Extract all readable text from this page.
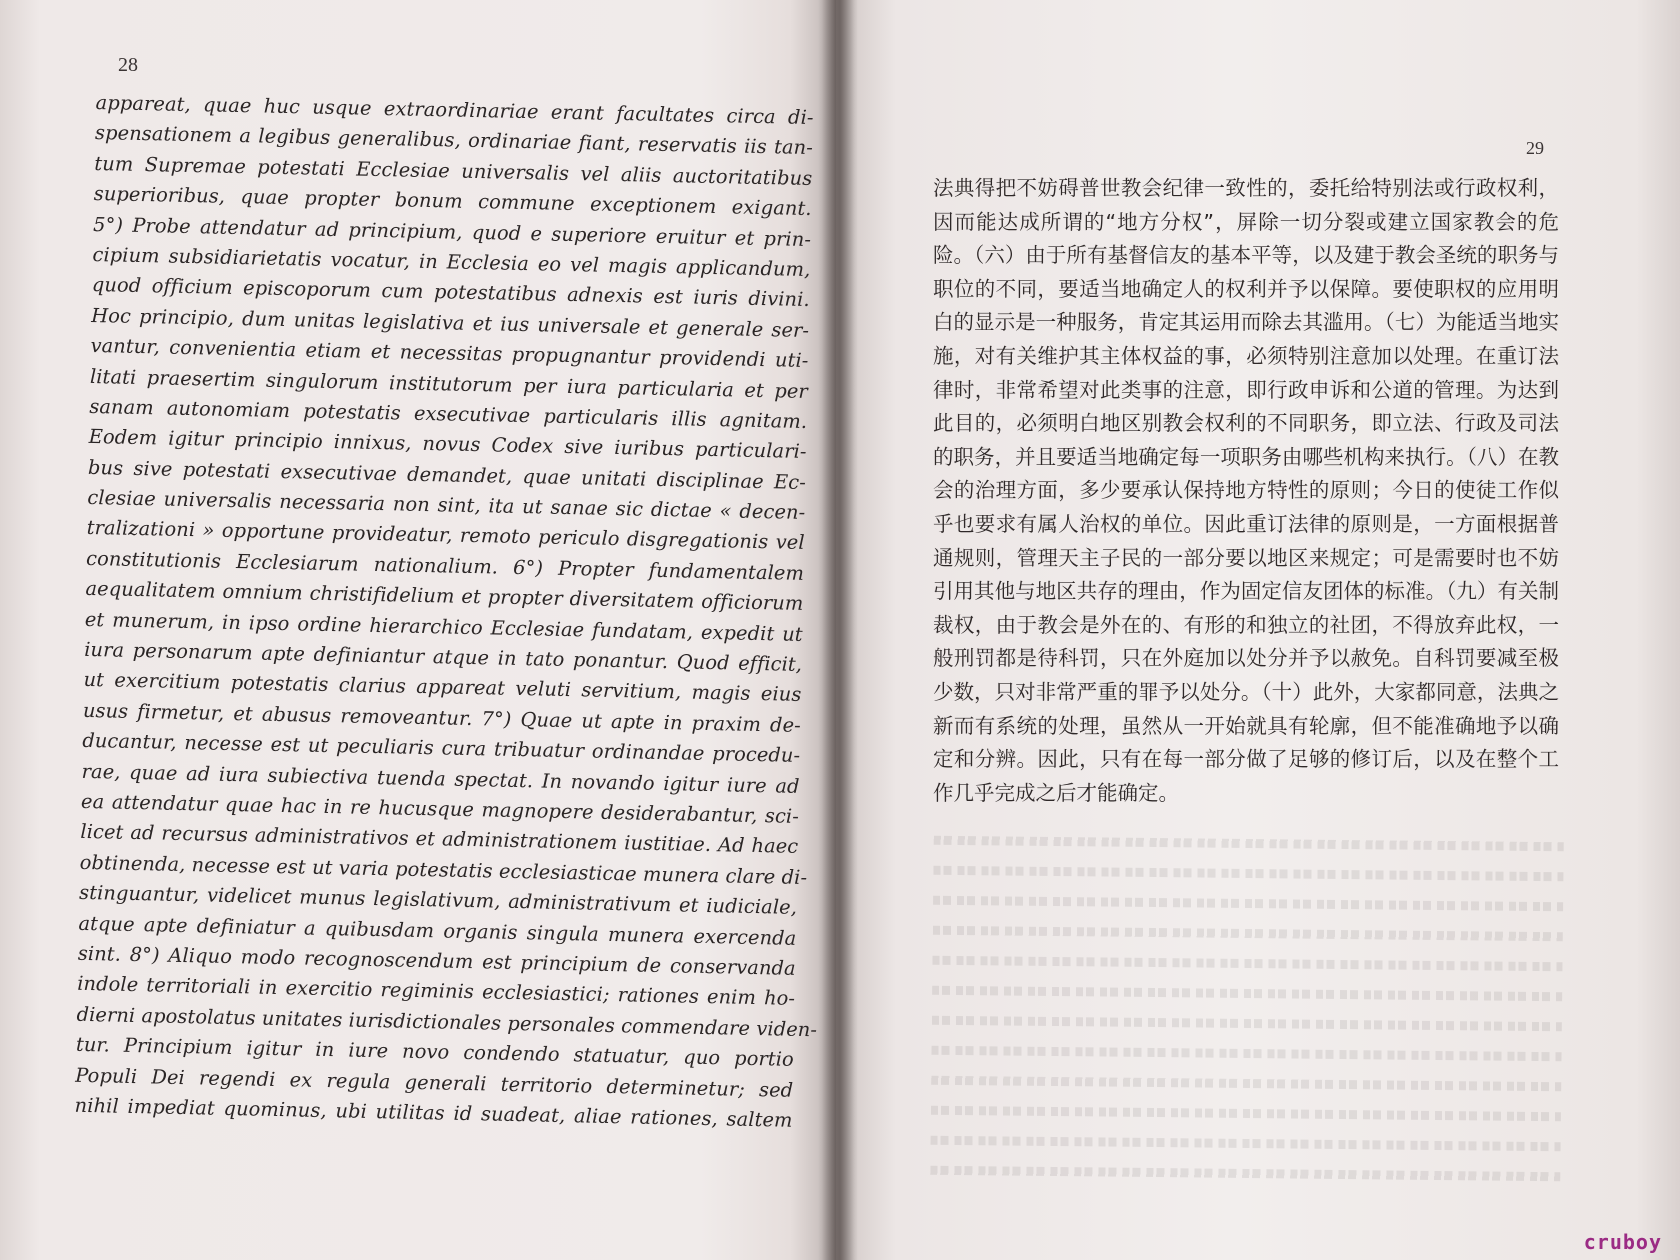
28
appareat, quae huc usque extraordinariae erant facultates circa di-
spensationem a legibus generalibus, ordinariae fiant, reservatis iis tan-
tum Supremae potestati Ecclesiae universalis vel aliis auctoritatibus
superioribus, quae propter bonum commune exceptionem exigant.
5°) Probe attendatur ad principium, quod e superiore eruitur et prin-
cipium subsidiarietatis vocatur, in Ecclesia eo vel magis applicandum,
quod officium episcoporum cum potestatibus adnexis est iuris divini.
Hoc principio, dum unitas legislativa et ius universale et generale ser-
vantur, convenientia etiam et necessitas propugnantur providendi uti-
litati praesertim singulorum institutorum per iura particularia et per
sanam autonomiam potestatis exsecutivae particularis illis agnitam.
Eodem igitur principio innixus, novus Codex sive iuribus particulari-
bus sive potestati exsecutivae demandet, quae unitati disciplinae Ec-
clesiae universalis necessaria non sint, ita ut sanae sic dictae « decen-
tralizationi » opportune provideatur, remoto periculo disgregationis vel
constitutionis Ecclesiarum nationalium. 6°) Propter fundamentalem
aequalitatem omnium christifidelium et propter diversitatem officiorum
et munerum, in ipso ordine hierarchico Ecclesiae fundatam, expedit ut
iura personarum apte definiantur atque in tato ponantur. Quod efficit,
ut exercitium potestatis clarius appareat veluti servitium, magis eius
usus firmetur, et abusus removeantur. 7°) Quae ut apte in praxim de-
ducantur, necesse est ut peculiaris cura tribuatur ordinandae procedu-
rae, quae ad iura subiectiva tuenda spectat. In novando igitur iure ad
ea attendatur quae hac in re hucusque magnopere desiderabantur, sci-
licet ad recursus administrativos et administrationem iustitiae. Ad haec
obtinenda, necesse est ut varia potestatis ecclesiasticae munera clare di-
stinguantur, videlicet munus legislativum, administrativum et iudiciale,
atque apte definiatur a quibusdam organis singula munera exercenda
sint. 8°) Aliquo modo recognoscendum est principium de conservanda
indole territoriali in exercitio regiminis ecclesiastici; rationes enim ho-
dierni apostolatus unitates iurisdictionales personales commendare viden-
tur. Principium igitur in iure novo condendo statuatur, quo portio
Populi Dei regendi ex regula generali territorio determinetur; sed
nihil impediat quominus, ubi utilitas id suadeat, aliae rationes, saltem
29
法典得把不妨碍普世教会纪律一致性的，委托给特别法或行政权利，
因而能达成所谓的“地方分权”，屏除一切分裂或建立国家教会的危
险。（六）由于所有基督信友的基本平等，以及建于教会圣统的职务与
职位的不同，要适当地确定人的权利并予以保障。要使职权的应用明
白的显示是一种服务，肯定其运用而除去其滥用。（七）为能适当地实
施，对有关维护其主体权益的事，必须特别注意加以处理。在重订法
律时，非常希望对此类事的注意，即行政申诉和公道的管理。为达到
此目的，必须明白地区别教会权利的不同职务，即立法、行政及司法
的职务，并且要适当地确定每一项职务由哪些机构来执行。（八）在教
会的治理方面，多少要承认保持地方特性的原则；今日的使徒工作似
乎也要求有属人治权的单位。因此重订法律的原则是，一方面根据普
通规则，管理天主子民的一部分要以地区来规定；可是需要时也不妨
引用其他与地区共存的理由，作为固定信友团体的标准。（九）有关制
裁权，由于教会是外在的、有形的和独立的社团，不得放弃此权，一
般刑罚都是待科罚，只在外庭加以处分并予以赦免。自科罚要减至极
少数，只对非常严重的罪予以处分。（十）此外，大家都同意，法典之
新而有系统的处理，虽然从一开始就具有轮廓，但不能准确地予以确
定和分辨。因此，只有在每一部分做了足够的修订后，以及在整个工
作几乎完成之后才能确定。
cruboy
